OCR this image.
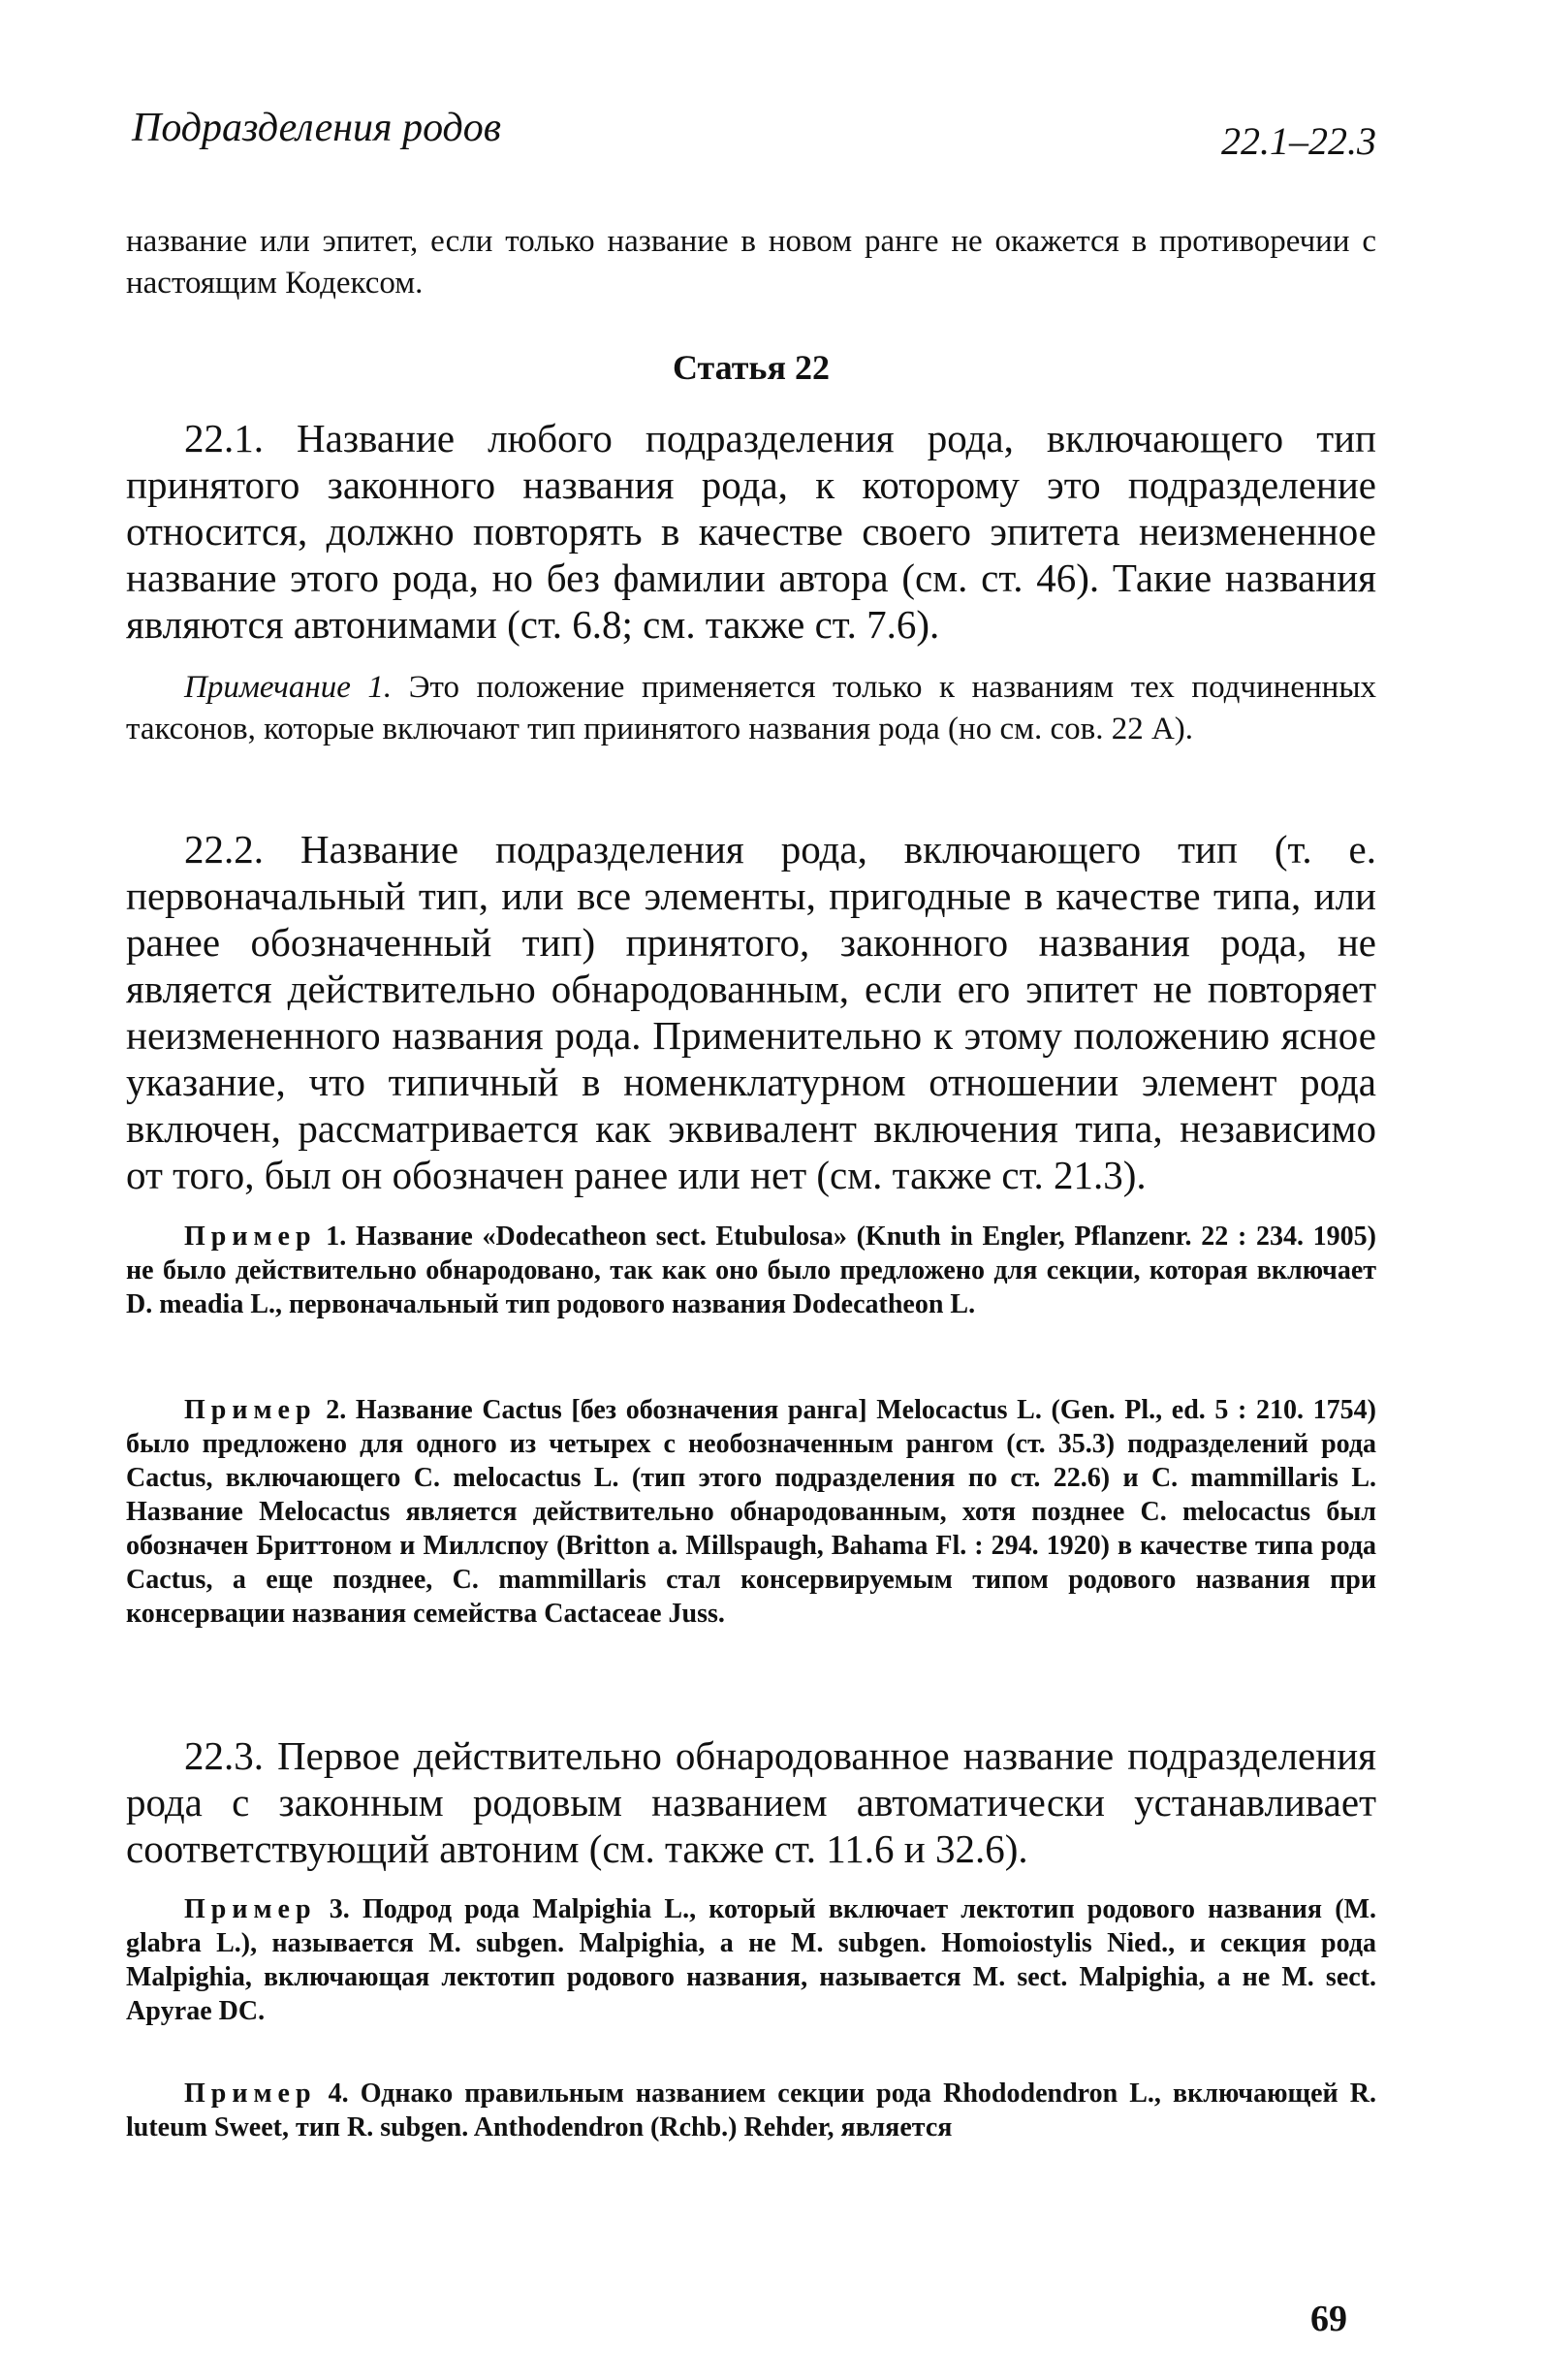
Подразделения родов	22.1–22.3

название или эпитет, если только название в новом ранге не окажется в противоречии с настоящим Кодексом.

Статья 22

22.1. Название любого подразделения рода, включающего тип принятого законного названия рода, к которому это подразделение относится, должно повторять в качестве своего эпитета неизмененное название этого рода, но без фамилии автора (см. ст. 46). Такие названия являются автонимами (ст. 6.8; см. также ст. 7.6).

Примечание 1. Это положение применяется только к названиям тех подчиненных таксонов, которые включают тип приинятого названия рода (но см. сов. 22 А).

22.2. Название подразделения рода, включающего тип (т. е. первоначальный тип, или все элементы, пригодные в качестве типа, или ранее обозначенный тип) принятого, законного названия рода, не является действительно обнародованным, если его эпитет не повторяет неизмененного названия рода. Применительно к этому положению ясное указание, что типичный в номенклатурном отношении элемент рода включен, рассматривается как эквивалент включения типа, независимо от того, был он обозначен ранее или нет (см. также ст. 21.3).

Пример 1. Название «Dodecatheon sect. Etubulosa» (Knuth in Engler, Pflanzenr. 22 : 234. 1905) не было действительно обнародовано, так как оно было предложено для секции, которая включает D. meadia L., первоначальный тип родового названия Dodecatheon L.

Пример 2. Название Cactus [без обозначения ранга] Melocactus L. (Gen. Pl., ed. 5 : 210. 1754) было предложено для одного из четырех с необозначенным рангом (ст. 35.3) подразделений рода Cactus, включающего C. melocactus L. (тип этого подразделения по ст. 22.6) и C. mammillaris L. Название Melocactus является действительно обнародованным, хотя позднее C. melocactus был обозначен Бриттоном и Миллспоу (Britton a. Millspaugh, Bahama Fl. : 294. 1920) в качестве типа рода Cactus, а еще позднее, C. mammillaris стал консервируемым типом родового названия при консервации названия семейства Cactaceae Juss.

22.3. Первое действительно обнародованное название подразделения рода с законным родовым названием автоматически устанавливает соответствующий автоним (см. также ст. 11.6 и 32.6).

Пример 3. Подрод рода Malpighia L., который включает лектотип родового названия (M. glabra L.), называется M. subgen. Malpighia, а не M. subgen. Homoiostylis Nied., и секция рода Malpighia, включающая лектотип родового названия, называется M. sect. Malpighia, а не M. sect. Apyrae DC.

Пример 4. Однако правильным названием секции рода Rhododendron L., включающей R. luteum Sweet, тип R. subgen. Anthodendron (Rchb.) Rehder, является

69
